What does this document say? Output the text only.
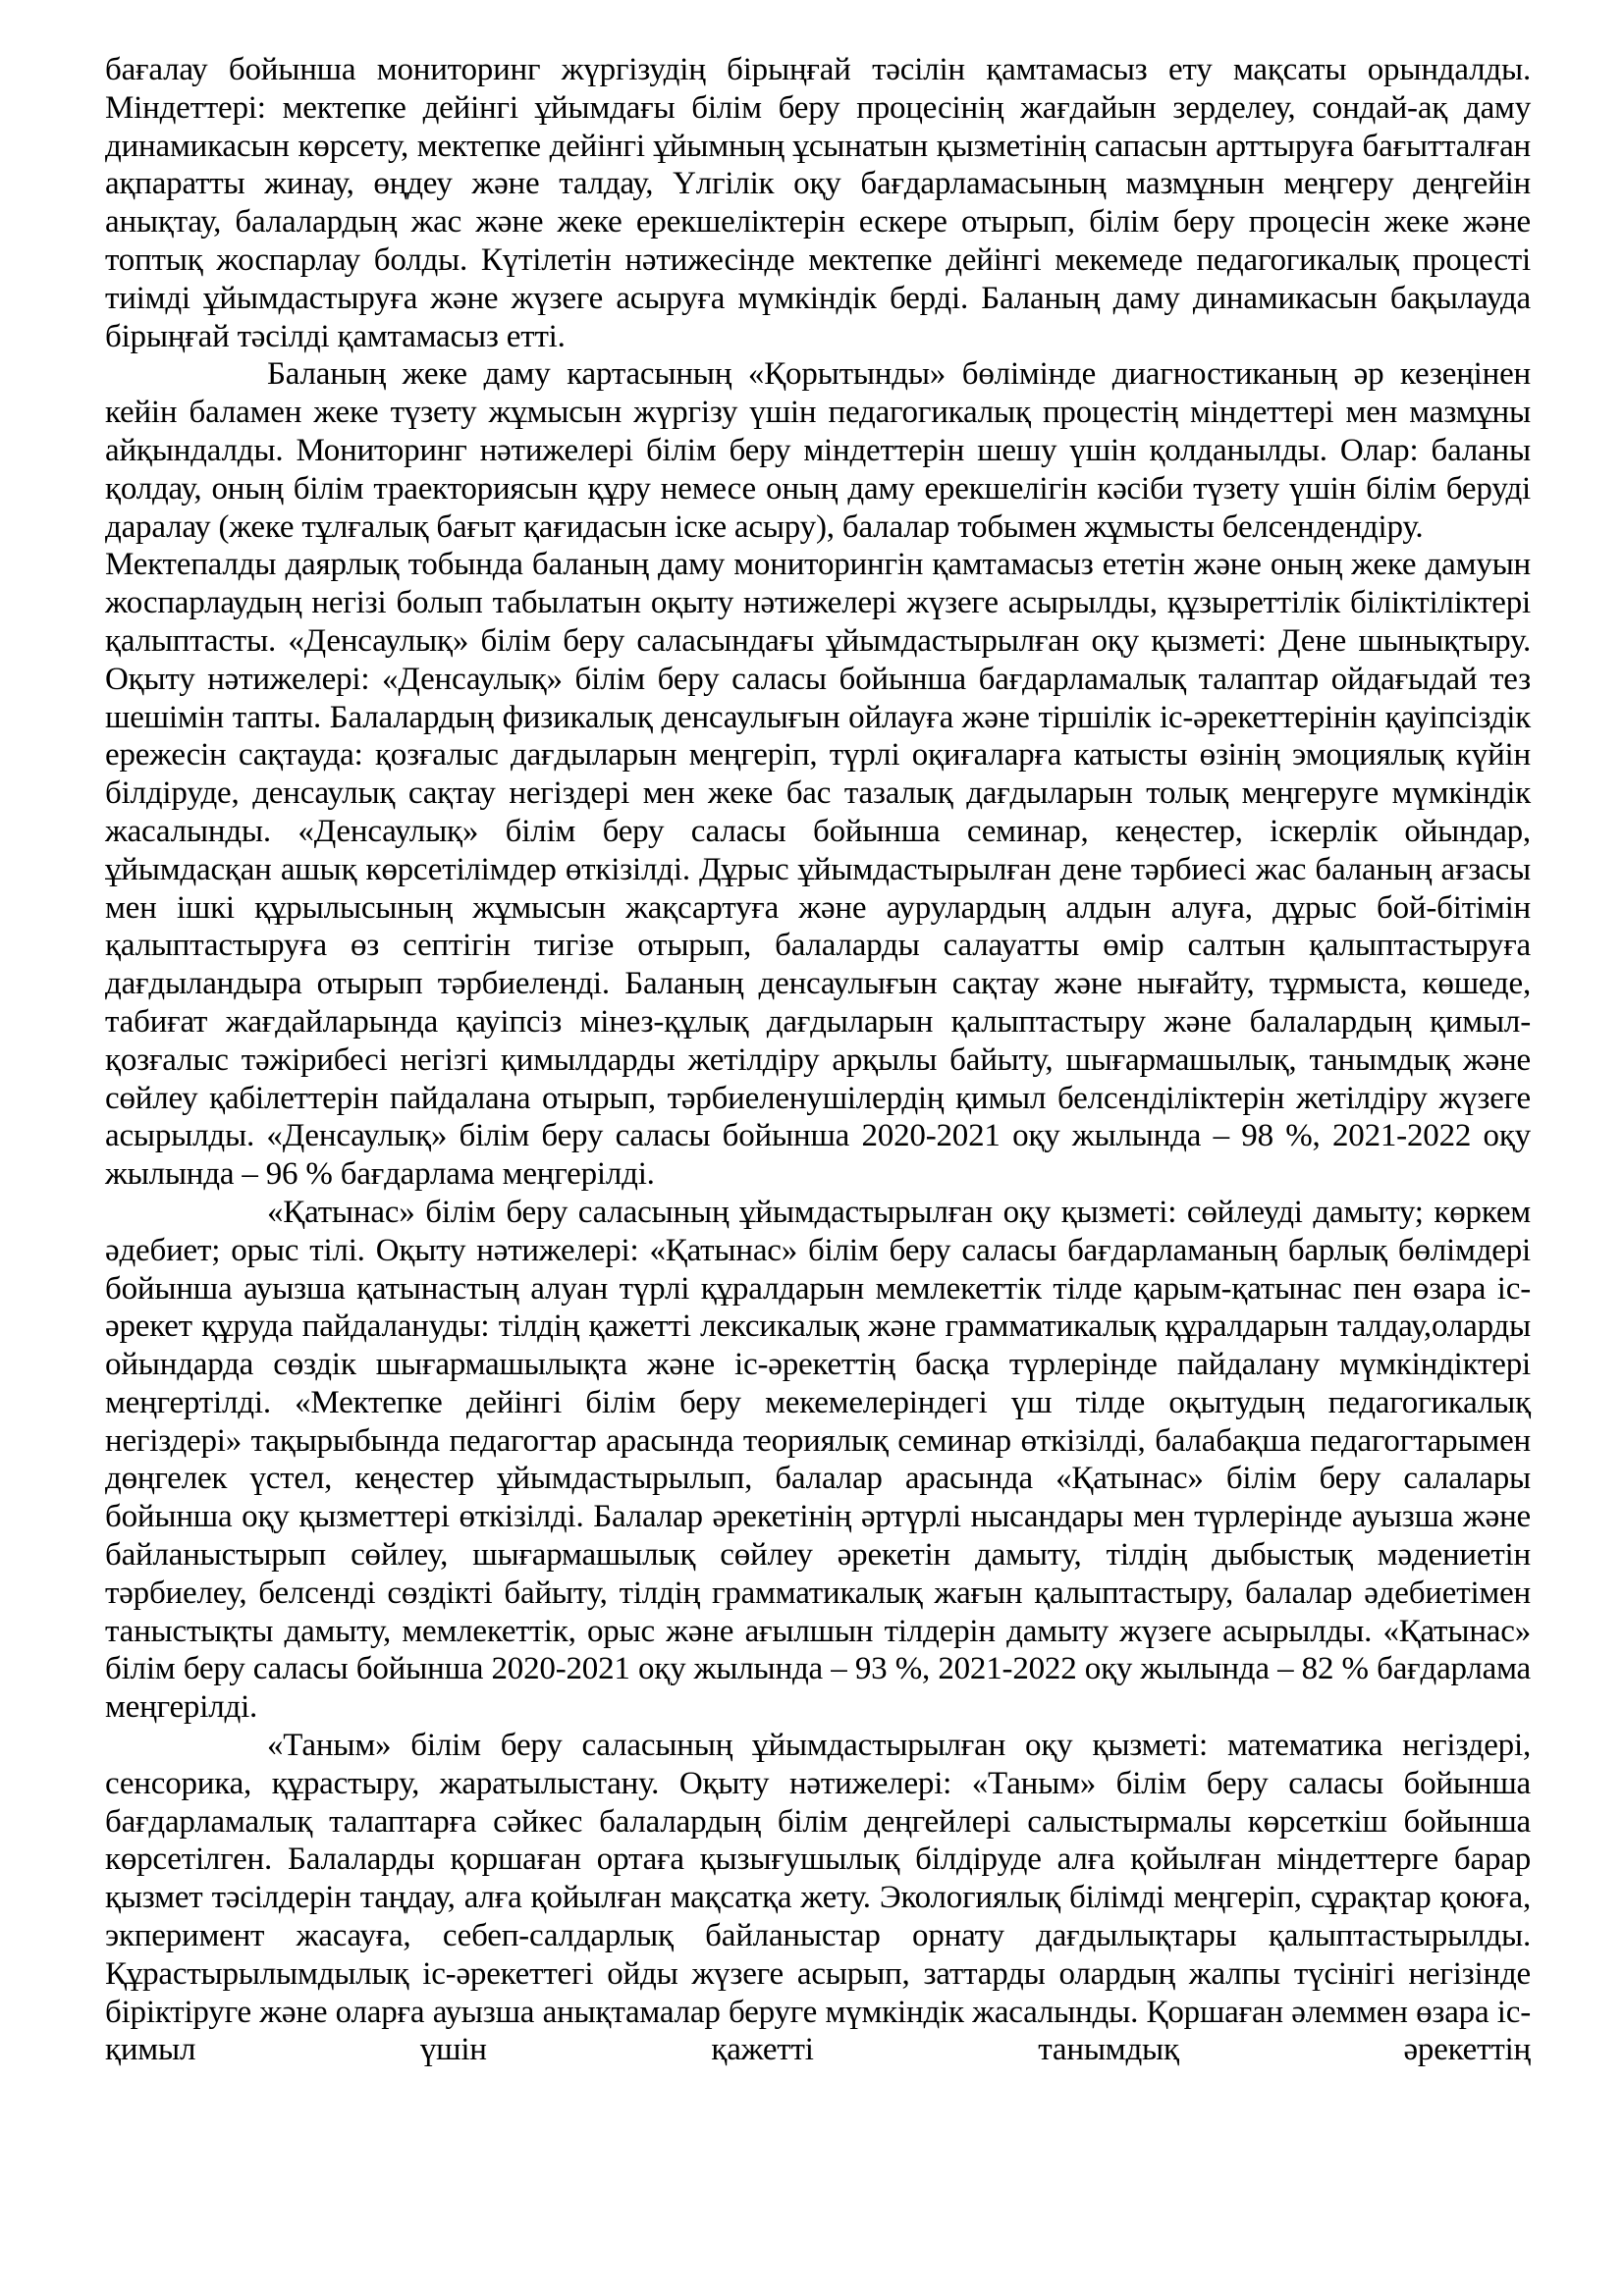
бағалау бойынша мониторинг жүргізудің бірыңғай тәсілін қамтамасыз ету мақсаты орындалды. Міндеттері: мектепке дейінгі ұйымдағы білім беру процесінің жағдайын зерделеу, сондай-ақ даму динамикасын көрсету, мектепке дейінгі ұйымның ұсынатын қызметінің сапасын арттыруға бағытталған ақпаратты жинау, өңдеу және талдау, Үлгілік оқу бағдарламасының мазмұнын меңгеру деңгейін анықтау, балалардың жас және жеке ерекшеліктерін ескере отырып, білім беру процесін жеке және топтық жоспарлау болды. Күтілетін нәтижесінде мектепке дейінгі мекемеде педагогикалық процесті тиімді ұйымдастыруға және жүзеге асыруға мүмкіндік берді. Баланың даму динамикасын бақылауда бірыңғай тәсілді қамтамасыз етті.

Баланың жеке даму картасының «Қорытынды» бөлімінде диагностиканың әр кезеңінен кейін баламен жеке түзету жұмысын жүргізу үшін педагогикалық процестің міндеттері мен мазмұны айқындалды. Мониторинг нәтижелері білім беру міндеттерін шешу үшін қолданылды. Олар: баланы қолдау, оның білім траекториясын құру немесе оның даму ерекшелігін кәсіби түзету үшін білім беруді даралау (жеке тұлғалық бағыт қағидасын іске асыру), балалар тобымен жұмысты белсендендіру.

Мектепалды даярлық тобында баланың даму мониторингін қамтамасыз ететін және оның жеке дамуын жоспарлаудың негізі болып табылатын оқыту нәтижелері жүзеге асырылды, құзыреттілік біліктіліктері қалыптасты. «Денсаулық» білім беру саласындағы ұйымдастырылған оқу қызметі: Дене шынықтыру. Оқыту нәтижелері: «Денсаулық» білім беру саласы бойынша бағдарламалық талаптар ойдағыдай тез шешімін тапты. Балалардың физикалық денсаулығын ойлауға және тіршілік іс-әрекеттерінін қауіпсіздік ережесін сақтауда: қозғалыс дағдыларын меңгеріп, түрлі оқиғаларға катысты өзінің эмоциялық күйін білдіруде, денсаулық сақтау негіздері мен жеке бас тазалық дағдыларын толық меңгеруге мүмкіндік жасалынды. «Денсаулық» білім беру саласы бойынша семинар, кеңестер, іскерлік ойындар, ұйымдасқан ашық көрсетілімдер өткізілді. Дұрыс ұйымдастырылған дене тәрбиесі жас баланың ағзасы мен ішкі құрылысының жұмысын жақсартуға және аурулардың алдын алуға, дұрыс бой-бітімін қалыптастыруға өз септігін тигізе отырып, балаларды салауатты өмір салтын қалыптастыруға дағдыландыра отырып тәрбиеленді. Баланың денсаулығын сақтау және нығайту, тұрмыста, көшеде, табиғат жағдайларында қауіпсіз мінез-құлық дағдыларын қалыптастыру және балалардың қимыл-қозғалыс тәжірибесі негізгі қимылдарды жетілдіру арқылы байыту, шығармашылық, танымдық және сөйлеу қабілеттерін пайдалана отырып, тәрбиеленушілердің қимыл белсенділіктерін жетілдіру жүзеге асырылды. «Денсаулық» білім беру саласы бойынша 2020-2021 оқу жылында – 98 %, 2021-2022 оқу жылында – 96 % бағдарлама меңгерілді.

«Қатынас» білім беру саласының ұйымдастырылған оқу қызметі: сөйлеуді дамыту; көркем әдебиет; орыс тілі. Оқыту нәтижелері: «Қатынас» білім беру саласы бағдарламаның барлық бөлімдері бойынша ауызша қатынастың алуан түрлі құралдарын мемлекеттік тілде қарым-қатынас пен өзара іс-әрекет құруда пайдалануды: тілдің қажетті лексикалық және грамматикалық құралдарын талдау,оларды ойындарда сөздік шығармашылықта және іс-әрекеттің басқа түрлерінде пайдалану мүмкіндіктері меңгертілді. «Мектепке дейінгі білім беру мекемелеріндегі үш тілде оқытудың педагогикалық негіздері» тақырыбында педагогтар арасында теориялық семинар өткізілді, балабақша педагогтарымен дөңгелек үстел, кеңестер ұйымдастырылып, балалар арасында «Қатынас» білім беру салалары бойынша оқу қызметтері өткізілді. Балалар әрекетінің әртүрлі нысандары мен түрлерінде ауызша және байланыстырып сөйлеу, шығармашылық сөйлеу әрекетін дамыту, тілдің дыбыстық мәдениетін тәрбиелеу, белсенді сөздікті байыту, тілдің грамматикалық жағын қалыптастыру, балалар әдебиетімен таныстықты дамыту, мемлекеттік, орыс және ағылшын тілдерін дамыту жүзеге асырылды. «Қатынас» білім беру саласы бойынша 2020-2021 оқу жылында – 93 %, 2021-2022 оқу жылында – 82 % бағдарлама меңгерілді.

«Таным» білім беру саласының ұйымдастырылған оқу қызметі: математика негіздері, сенсорика, құрастыру, жаратылыстану. Оқыту нәтижелері: «Таным» білім беру саласы бойынша бағдарламалық талаптарға сәйкес балалардың білім деңгейлері салыстырмалы көрсеткіш бойынша көрсетілген. Балаларды қоршаған ортаға қызығушылық білдіруде алға қойылған міндеттерге барар қызмет тәсілдерін таңдау, алға қойылған мақсатқа жету. Экологиялық білімді меңгеріп, сұрақтар қоюға, экперимент жасауға, себеп-салдарлық байланыстар орнату дағдылықтары қалыптастырылды. Құрастырылымдылық іс-әрекеттегі ойды жүзеге асырып, заттарды олардың жалпы түсінігі негізінде біріктіруге және оларға ауызша анықтамалар беруге мүмкіндік жасалынды. Қоршаған әлеммен өзара іс-қимыл үшін қажетті танымдық әрекеттің
